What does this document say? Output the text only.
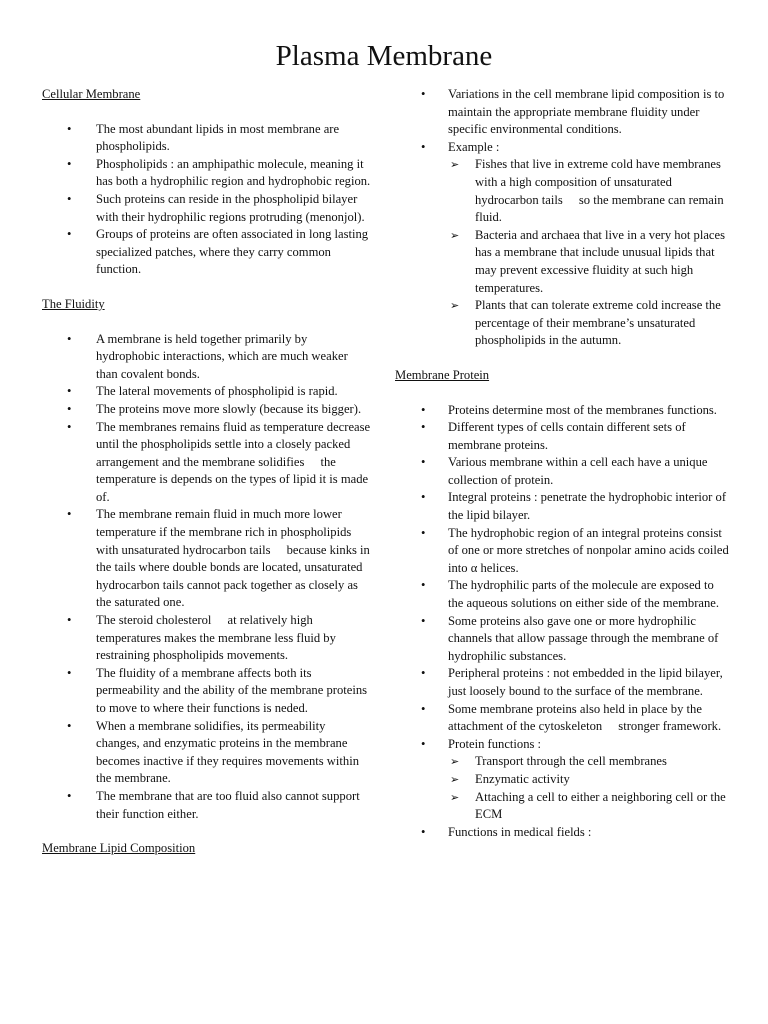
Plasma Membrane
Cellular Membrane
• The most abundant lipids in most membrane are phospholipids.
• Phospholipids : an amphipathic molecule, meaning it has both a hydrophilic region and hydrophobic region.
• Such proteins can reside in the phospholipid bilayer with their hydrophilic regions protruding (menonjol).
• Groups of proteins are often associated in long lasting specialized patches, where they carry common function.
The Fluidity
• A membrane is held together primarily by hydrophobic interactions, which are much weaker than covalent bonds.
• The lateral movements of phospholipid is rapid.
• The proteins move more slowly (because its bigger).
• The membranes remains fluid as temperature decrease until the phospholipids settle into a closely packed arrangement and the membrane solidifies the temperature is depends on the types of lipid it is made of.
• The membrane remain fluid in much more lower temperature if the membrane rich in phospholipids with unsaturated hydrocarbon tails because kinks in the tails where double bonds are located, unsaturated hydrocarbon tails cannot pack together as closely as the saturated one.
• The steroid cholesterol at relatively high temperatures makes the membrane less fluid by restraining phospholipids movements.
• The fluidity of a membrane affects both its permeability and the ability of the membrane proteins to move to where their functions is neded.
• When a membrane solidifies, its permeability changes, and enzymatic proteins in the membrane becomes inactive if they requires movements within the membrane.
• The membrane that are too fluid also cannot support their function either.
Membrane Lipid Composition
• Variations in the cell membrane lipid composition is to maintain the appropriate membrane fluidity under specific environmental conditions.
• Example :
➢ Fishes that live in extreme cold have membranes with a high composition of unsaturated hydrocarbon tails so the membrane can remain fluid.
➢ Bacteria and archaea that live in a very hot places has a membrane that include unusual lipids that may prevent excessive fluidity at such high temperatures.
➢ Plants that can tolerate extreme cold increase the percentage of their membrane’s unsaturated phospholipids in the autumn.
Membrane Protein
• Proteins determine most of the membranes functions.
• Different types of cells contain different sets of membrane proteins.
• Various membrane within a cell each have a unique collection of protein.
• Integral proteins : penetrate the hydrophobic interior of the lipid bilayer.
• The hydrophobic region of an integral proteins consist of one or more stretches of nonpolar amino acids coiled into α helices.
• The hydrophilic parts of the molecule are exposed to the aqueous solutions on either side of the membrane.
• Some proteins also gave one or more hydrophilic channels that allow passage through the membrane of hydrophilic substances.
• Peripheral proteins : not embedded in the lipid bilayer, just loosely bound to the surface of the membrane.
• Some membrane proteins also held in place by the attachment of the cytoskeleton stronger framework.
• Protein functions :
➢ Transport through the cell membranes
➢ Enzymatic activity
➢ Attaching a cell to either a neighboring cell or the ECM
• Functions in medical fields :
